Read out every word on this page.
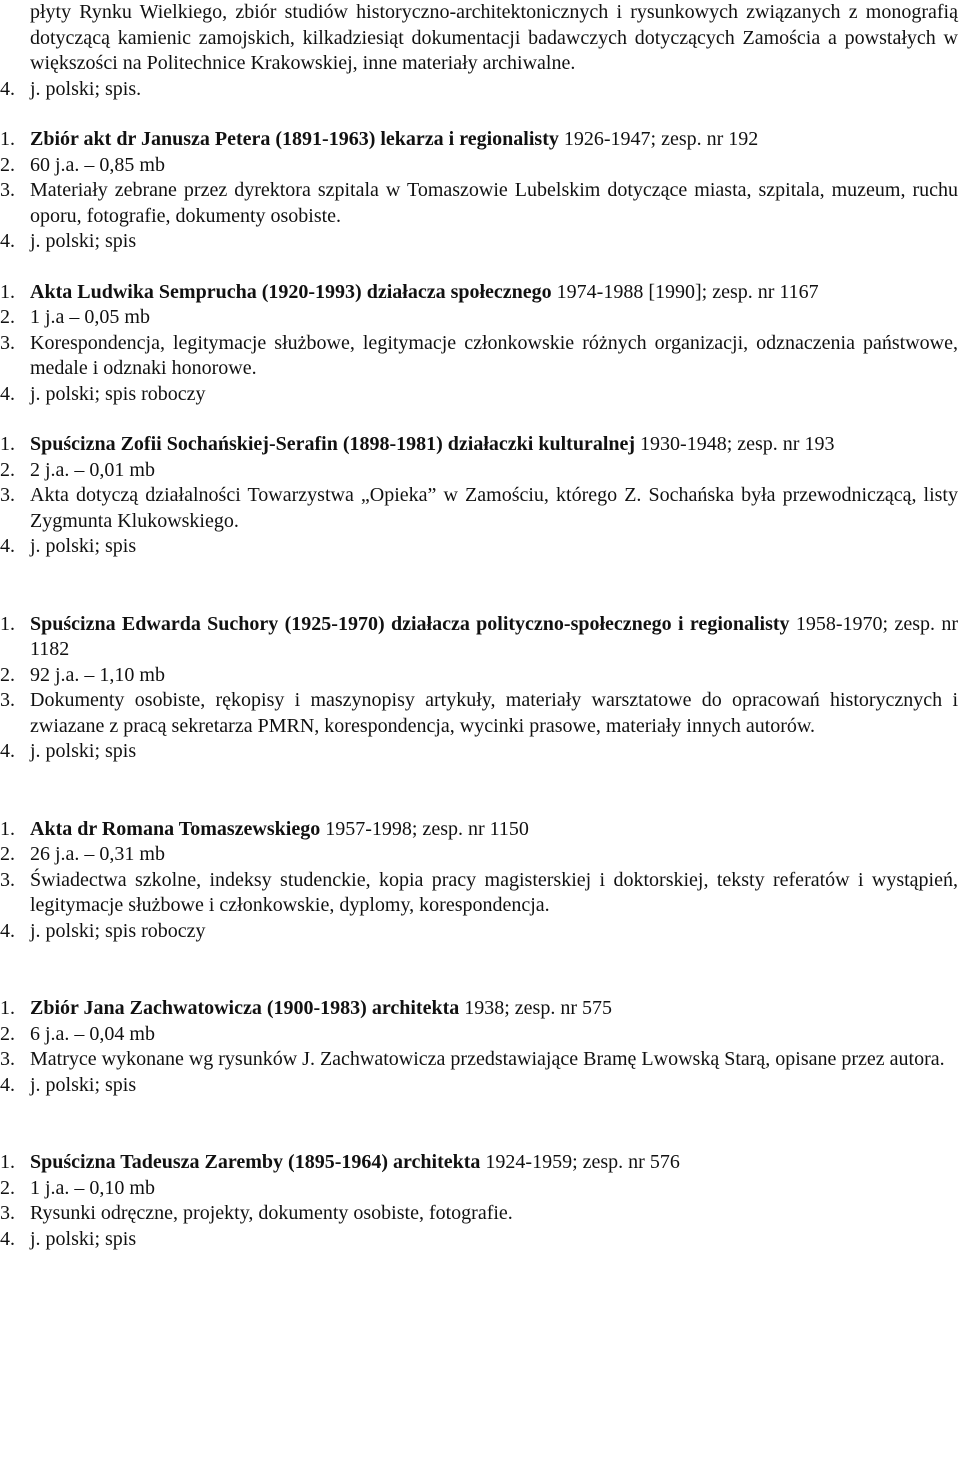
płyty Rynku Wielkiego, zbiór studiów historyczno-architektonicznych i rysunkowych związanych z monografią dotyczącą kamienic zamojskich, kilkadziesiąt dokumentacji badawczych dotyczących Zamościa a powstałych w większości na Politechnice Krakowskiej, inne materiały archiwalne.
4. j. polski; spis.
1. Zbiór akt dr Janusza Petera (1891-1963) lekarza i regionalisty 1926-1947; zesp. nr 192
2. 60 j.a. – 0,85 mb
3. Materiały zebrane przez dyrektora szpitala w Tomaszowie Lubelskim dotyczące miasta, szpitala, muzeum, ruchu oporu, fotografie, dokumenty osobiste.
4. j. polski; spis
1. Akta Ludwika Semprucha (1920-1993) działacza społecznego 1974-1988 [1990]; zesp. nr 1167
2. 1 j.a – 0,05 mb
3. Korespondencja, legitymacje służbowe, legitymacje członkowskie różnych organizacji, odznaczenia państwowe, medale i odznaki honorowe.
4. j. polski; spis roboczy
1. Spuścizna Zofii Sochańskiej-Serafin (1898-1981) działaczki kulturalnej 1930-1948; zesp. nr 193
2. 2 j.a. – 0,01 mb
3. Akta dotyczą działalności Towarzystwa „Opieka” w Zamościu, którego Z. Sochańska była przewodniczącą, listy Zygmunta Klukowskiego.
4. j. polski; spis
1. Spuścizna Edwarda Suchory (1925-1970) działacza polityczno-społecznego i regionalisty 1958-1970; zesp. nr 1182
2. 92 j.a. – 1,10 mb
3. Dokumenty osobiste, rękopisy i maszynopisy artykuły, materiały warsztatowe do opracowań historycznych i zwiazane z pracą sekretarza PMRN, korespondencja, wycinki prasowe, materiały innych autorów.
4. j. polski; spis
1. Akta dr Romana Tomaszewskiego 1957-1998; zesp. nr 1150
2. 26 j.a. – 0,31 mb
3. Świadectwa szkolne, indeksy studenckie, kopia pracy magisterskiej i doktorskiej, teksty referatów i wystąpień, legitymacje służbowe i członkowskie, dyplomy, korespondencja.
4. j. polski; spis roboczy
1. Zbiór Jana Zachwatowicza (1900-1983) architekta 1938; zesp. nr 575
2. 6 j.a. – 0,04 mb
3. Matryce wykonane wg rysunków J. Zachwatowicza przedstawiające Bramę Lwowską Starą, opisane przez autora.
4. j. polski; spis
1. Spuścizna Tadeusza Zaremby (1895-1964) architekta 1924-1959; zesp. nr 576
2. 1 j.a. – 0,10 mb
3. Rysunki odręczne, projekty, dokumenty osobiste, fotografie.
4. j. polski; spis
